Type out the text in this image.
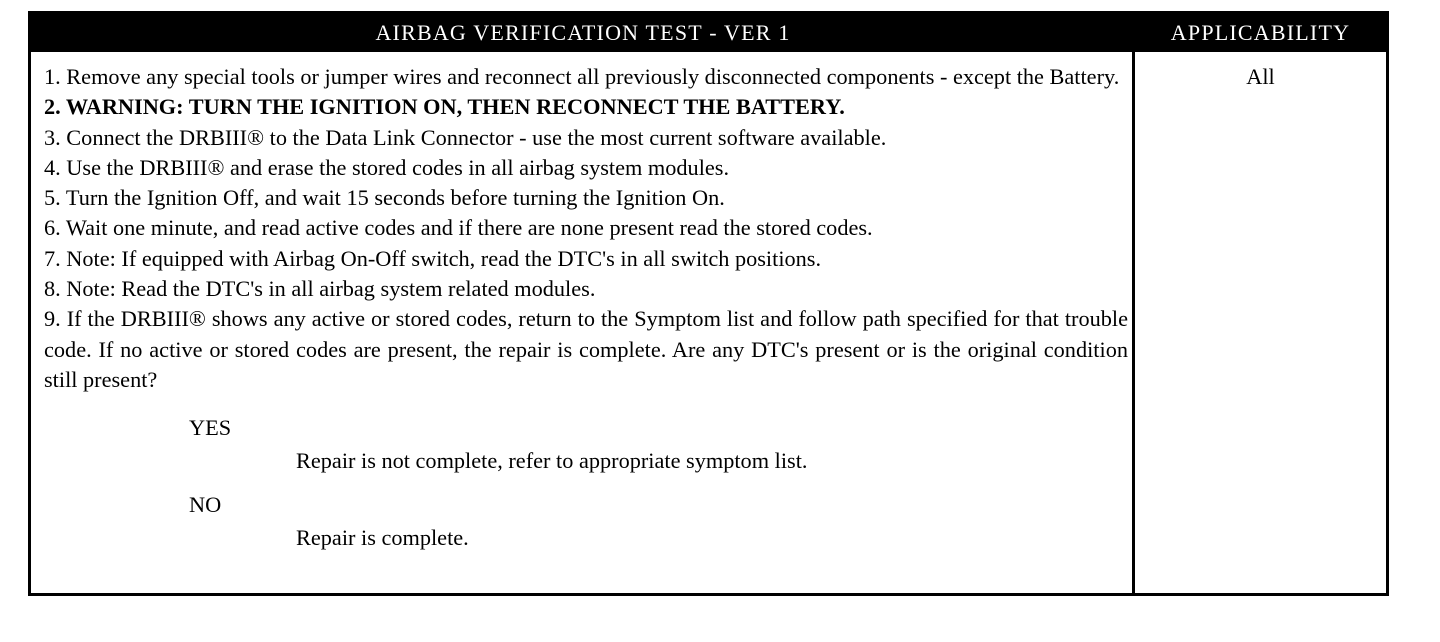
AIRBAG VERIFICATION TEST - VER 1	APPLICABILITY
1. Remove any special tools or jumper wires and reconnect all previously disconnected components - except the Battery.
2. WARNING: TURN THE IGNITION ON, THEN RECONNECT THE BATTERY.
3. Connect the DRBIII® to the Data Link Connector - use the most current software available.
4. Use the DRBIII® and erase the stored codes in all airbag system modules.
5. Turn the Ignition Off, and wait 15 seconds before turning the Ignition On.
6. Wait one minute, and read active codes and if there are none present read the stored codes.
7. Note: If equipped with Airbag On-Off switch, read the DTC's in all switch positions.
8. Note: Read the DTC's in all airbag system related modules.
9. If the DRBIII® shows any active or stored codes, return to the Symptom list and follow path specified for that trouble code. If no active or stored codes are present, the repair is complete. Are any DTC's present or is the original condition still present?
YES
Repair is not complete, refer to appropriate symptom list.
NO
Repair is complete.
All
